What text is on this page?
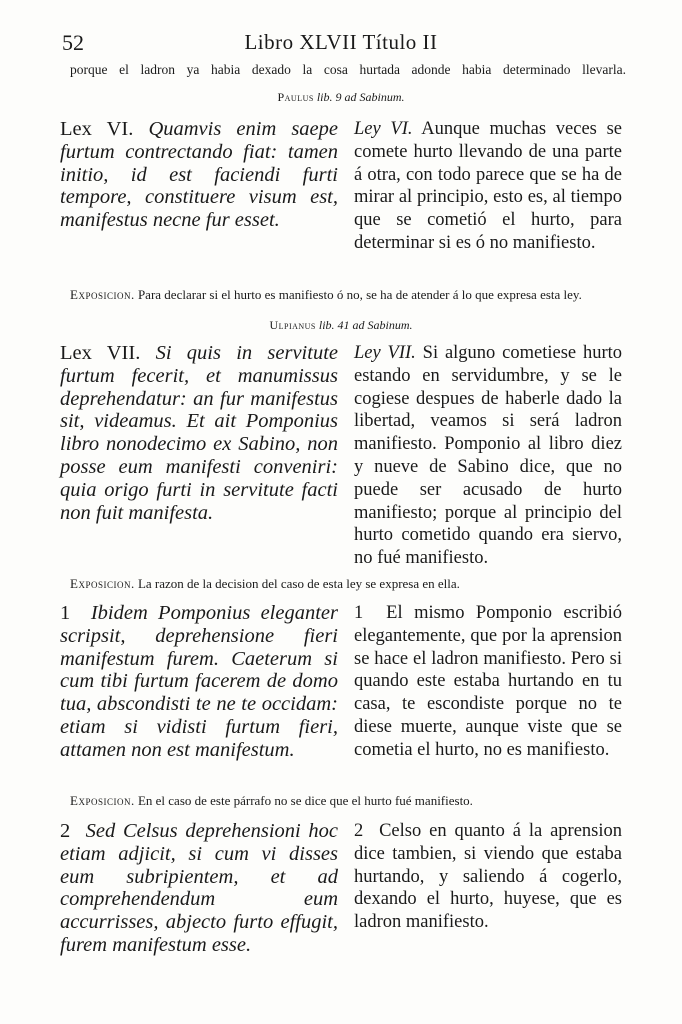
52	Libro XLVII Título II
porque el ladron ya habia dexado la cosa hurtada adonde habia determinado llevarla.
Paulus lib. 9 ad Sabinum.

Lex VI. Quamvis enim saepe furtum contrectando fiat: tamen initio, id est faciendi furti tempore, constituere visum est, manifestus necne fur esset.

Ley VI. Aunque muchas veces se comete hurto llevando de una parte á otra, con todo parece que se ha de mirar al principio, esto es, al tiempo que se cometió el hurto, para determinar si es ó no manifiesto.

Exposicion. Para declarar si el hurto es manifiesto ó no, se ha de atender á lo que expresa esta ley.
Ulpianus lib. 41 ad Sabinum.

Lex VII. Si quis in servitute furtum fecerit, et manumissus deprehendatur: an fur manifestus sit, videamus. Et ait Pomponius libro nonodecimo ex Sabino, non posse eum manifesti conveniri: quia origo furti in servitute facti non fuit manifesta.

Ley VII. Si alguno cometiese hurto estando en servidumbre, y se le cogiese despues de haberle dado la libertad, veamos si será ladron manifiesto. Pomponio al libro diez y nueve de Sabino dice, que no puede ser acusado de hurto manifiesto; porque al principio del hurto cometido quando era siervo, no fué manifiesto.

Exposicion. La razon de la decision del caso de esta ley se expresa en ella.

1 Ibidem Pomponius eleganter scripsit, deprehensione fieri manifestum furem. Caeterum si cum tibi furtum facerem de domo tua, abscondisti te ne te occidam: etiam si vidisti furtum fieri, attamen non est manifestum.

1 El mismo Pomponio escribió elegantemente, que por la aprension se hace el ladron manifiesto. Pero si quando este estaba hurtando en tu casa, te escondiste porque no te diese muerte, aunque viste que se cometia el hurto, no es manifiesto.

Exposicion. En el caso de este párrafo no se dice que el hurto fué manifiesto.

2 Sed Celsus deprehensioni hoc etiam adjicit, si cum vi disses eum subripientem, et ad comprehendendum eum accurrisses, abjecto furto effugit, furem manifestum esse.

2 Celso en quanto á la aprension dice tambien, si viendo que estaba hurtando, y saliendo á cogerlo, dexando el hurto, huyese, que es ladron manifiesto.
